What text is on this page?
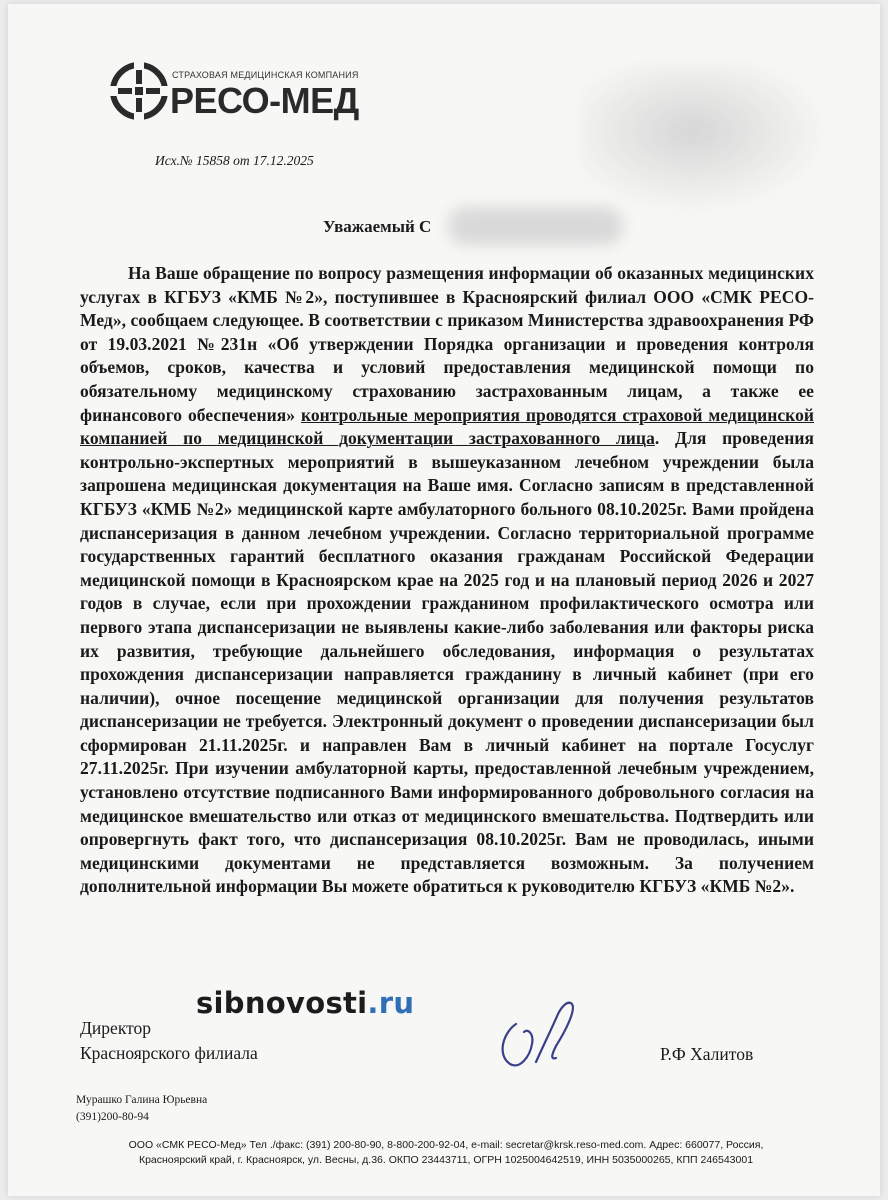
СТРАХОВАЯ МЕДИЦИНСКАЯ КОМПАНИЯ
РЕСО-МЕД
Исх.№ 15858 от 17.12.2025
Уважаемый С

На Ваше обращение по вопросу размещения информации об оказанных медицинских услугах в КГБУЗ «КМБ №2», поступившее в Красноярский филиал ООО «СМК РЕСО-Мед», сообщаем следующее. В соответствии с приказом Министерства здравоохранения РФ от 19.03.2021 №231н «Об утверждении Порядка организации и проведения контроля объемов, сроков, качества и условий предоставления медицинской помощи по обязательному медицинскому страхованию застрахованным лицам, а также ее финансового обеспечения» контрольные мероприятия проводятся страховой медицинской компанией по медицинской документации застрахованного лица. Для проведения контрольно-экспертных мероприятий в вышеуказанном лечебном учреждении была запрошена медицинская документация на Ваше имя. Согласно записям в представленной КГБУЗ «КМБ №2» медицинской карте амбулаторного больного 08.10.2025г. Вами пройдена диспансеризация в данном лечебном учреждении. Согласно территориальной программе государственных гарантий бесплатного оказания гражданам Российской Федерации медицинской помощи в Красноярском крае на 2025 год и на плановый период 2026 и 2027 годов в случае, если при прохождении гражданином профилактического осмотра или первого этапа диспансеризации не выявлены какие-либо заболевания или факторы риска их развития, требующие дальнейшего обследования, информация о результатах прохождения диспансеризации направляется гражданину в личный кабинет (при его наличии), очное посещение медицинской организации для получения результатов диспансеризации не требуется. Электронный документ о проведении диспансеризации был сформирован 21.11.2025г. и направлен Вам в личный кабинет на портале Госуслуг 27.11.2025г. При изучении амбулаторной карты, предоставленной лечебным учреждением, установлено отсутствие подписанного Вами информированного добровольного согласия на медицинское вмешательство или отказ от медицинского вмешательства. Подтвердить или опровергнуть факт того, что диспансеризация 08.10.2025г. Вам не проводилась, иными медицинскими документами не представляется возможным. За получением дополнительной информации Вы можете обратиться к руководителю КГБУЗ «КМБ №2».

sibnovosti.ru
Директор
Красноярского филиала	Р.Ф Халитов
Мурашко Галина Юрьевна
(391)200-80-94
ООО «СМК РЕСО-Мед» Тел ./факс: (391) 200-80-90, 8-800-200-92-04, e-mail: secretar@krsk.reso-med.com. Адрес: 660077, Россия,
Красноярский край, г. Красноярск, ул. Весны, д.36. ОКПО 23443711, ОГРН 1025004642519, ИНН 5035000265, КПП 246543001
